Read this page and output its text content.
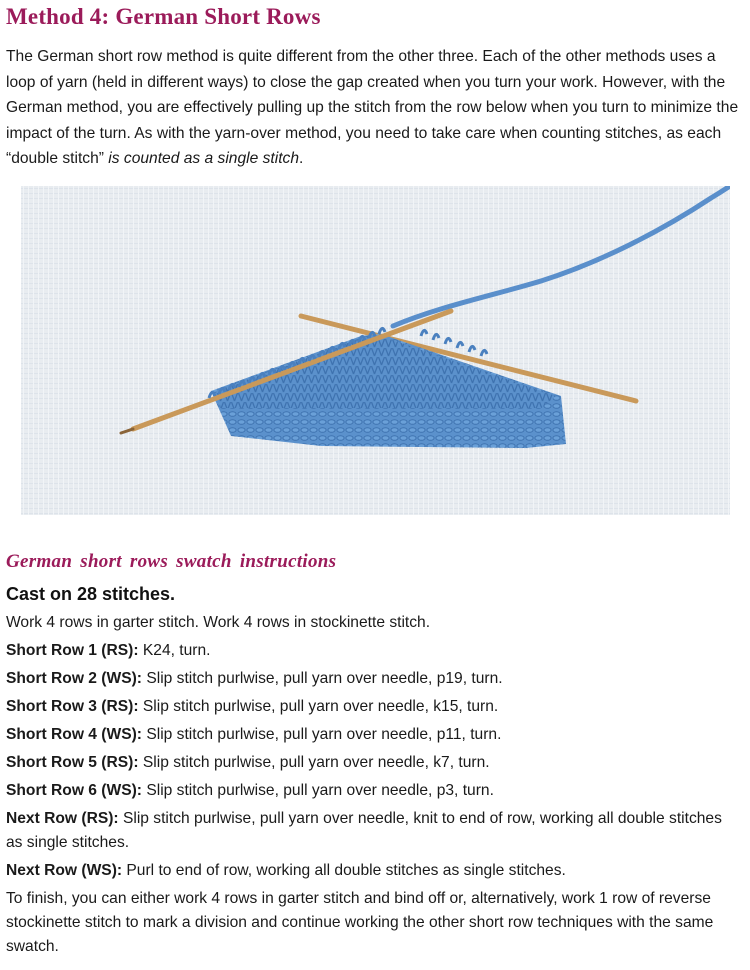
Method 4: German Short Rows

The German short row method is quite different from the other three. Each of the other methods uses a loop of yarn (held in different ways) to close the gap created when you turn your work. However, with the German method, you are effectively pulling up the stitch from the row below when you turn to minimize the impact of the turn. As with the yarn-over method, you need to take care when counting stitches, as each “double stitch” is counted as a single stitch.

German short rows swatch instructions
Cast on 28 stitches.

Work 4 rows in garter stitch. Work 4 rows in stockinette stitch.

Short Row 1 (RS): K24, turn.

Short Row 2 (WS): Slip stitch purlwise, pull yarn over needle, p19, turn.

Short Row 3 (RS): Slip stitch purlwise, pull yarn over needle, k15, turn.

Short Row 4 (WS): Slip stitch purlwise, pull yarn over needle, p11, turn.

Short Row 5 (RS): Slip stitch purlwise, pull yarn over needle, k7, turn.

Short Row 6 (WS): Slip stitch purlwise, pull yarn over needle, p3, turn.

Next Row (RS): Slip stitch purlwise, pull yarn over needle, knit to end of row, working all double stitches as single stitches.

Next Row (WS): Purl to end of row, working all double stitches as single stitches.

To finish, you can either work 4 rows in garter stitch and bind off or, alternatively, work 1 row of reverse stockinette stitch to mark a division and continue working the other short row techniques with the same swatch.
